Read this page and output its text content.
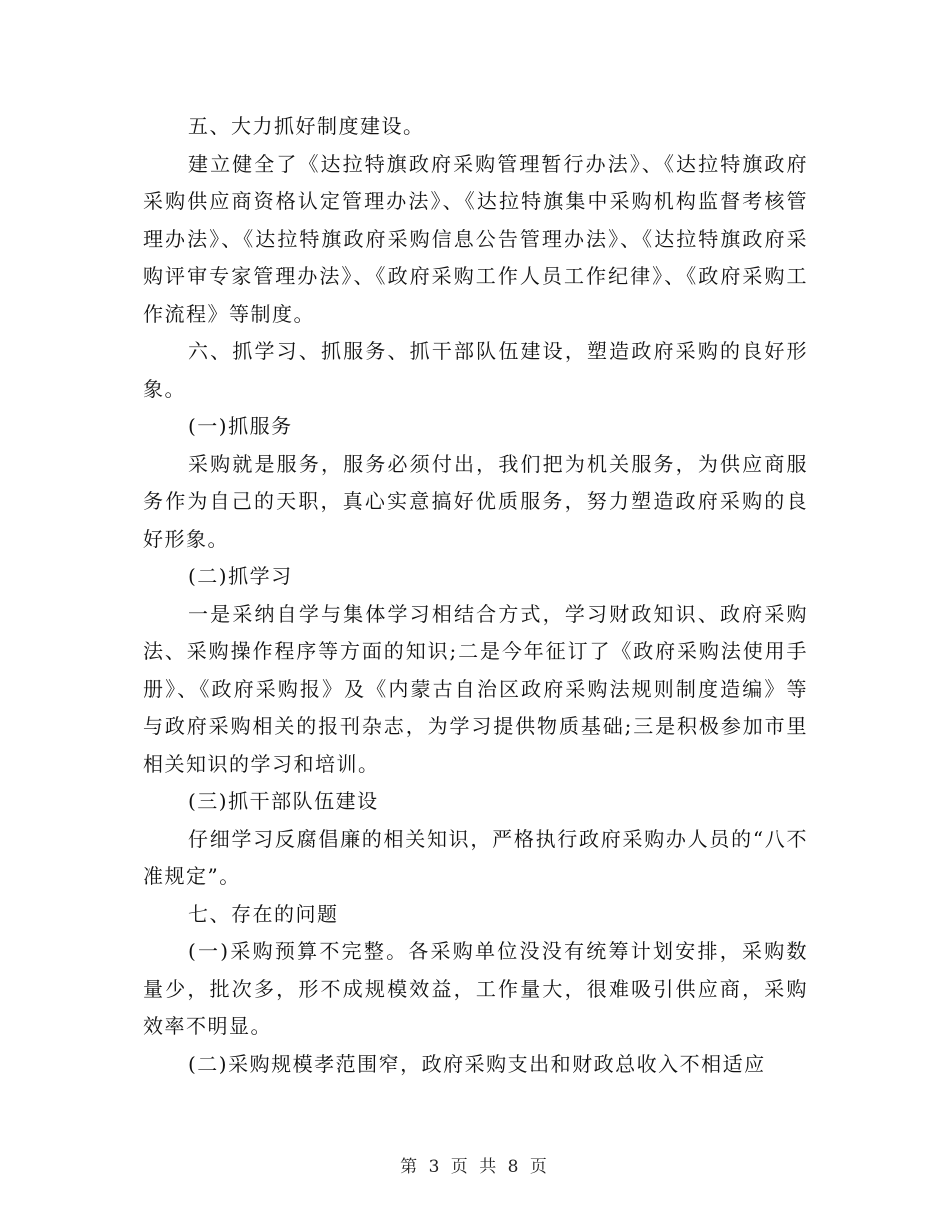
五、大力抓好制度建设。

建立健全了《达拉特旗政府采购管理暂行办法》、《达拉特旗政府采购供应商资格认定管理办法》、《达拉特旗集中采购机构监督考核管理办法》、《达拉特旗政府采购信息公告管理办法》、《达拉特旗政府采购评审专家管理办法》、《政府采购工作人员工作纪律》、《政府采购工作流程》等制度。

六、抓学习、抓服务、抓干部队伍建设，塑造政府采购的良好形象。

(一)抓服务

采购就是服务，服务必须付出，我们把为机关服务，为供应商服务作为自己的天职，真心实意搞好优质服务，努力塑造政府采购的良好形象。

(二)抓学习

一是采纳自学与集体学习相结合方式，学习财政知识、政府采购法、采购操作程序等方面的知识;二是今年征订了《政府采购法使用手册》、《政府采购报》及《内蒙古自治区政府采购法规则制度造编》等与政府采购相关的报刊杂志，为学习提供物质基础;三是积极参加市里相关知识的学习和培训。

(三)抓干部队伍建设

仔细学习反腐倡廉的相关知识，严格执行政府采购办人员的“八不准规定”。

七、存在的问题

(一)采购预算不完整。各采购单位没没有统筹计划安排，采购数量少，批次多，形不成规模效益，工作量大，很难吸引供应商，采购效率不明显。

(二)采购规模孝范围窄，政府采购支出和财政总收入不相适应

第 3 页 共 8 页
